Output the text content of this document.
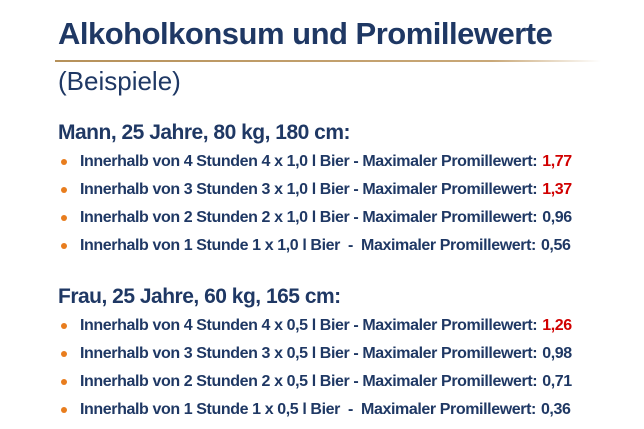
Alkoholkonsum und Promillewerte
(Beispiele)
Mann, 25 Jahre, 80 kg, 180 cm:
Innerhalb von 4 Stunden 4 x 1,0 l Bier - Maximaler Promillewert: 1,77
Innerhalb von 3 Stunden 3 x 1,0 l Bier - Maximaler Promillewert: 1,37
Innerhalb von 2 Stunden 2 x 1,0 l Bier - Maximaler Promillewert: 0,96
Innerhalb von 1 Stunde 1 x 1,0 l Bier  -  Maximaler Promillewert: 0,56
Frau, 25 Jahre, 60 kg, 165 cm:
Innerhalb von 4 Stunden 4 x 0,5 l Bier - Maximaler Promillewert: 1,26
Innerhalb von 3 Stunden 3 x 0,5 l Bier - Maximaler Promillewert: 0,98
Innerhalb von 2 Stunden 2 x 0,5 l Bier - Maximaler Promillewert: 0,71
Innerhalb von 1 Stunde 1 x 0,5 l Bier  -  Maximaler Promillewert: 0,36
